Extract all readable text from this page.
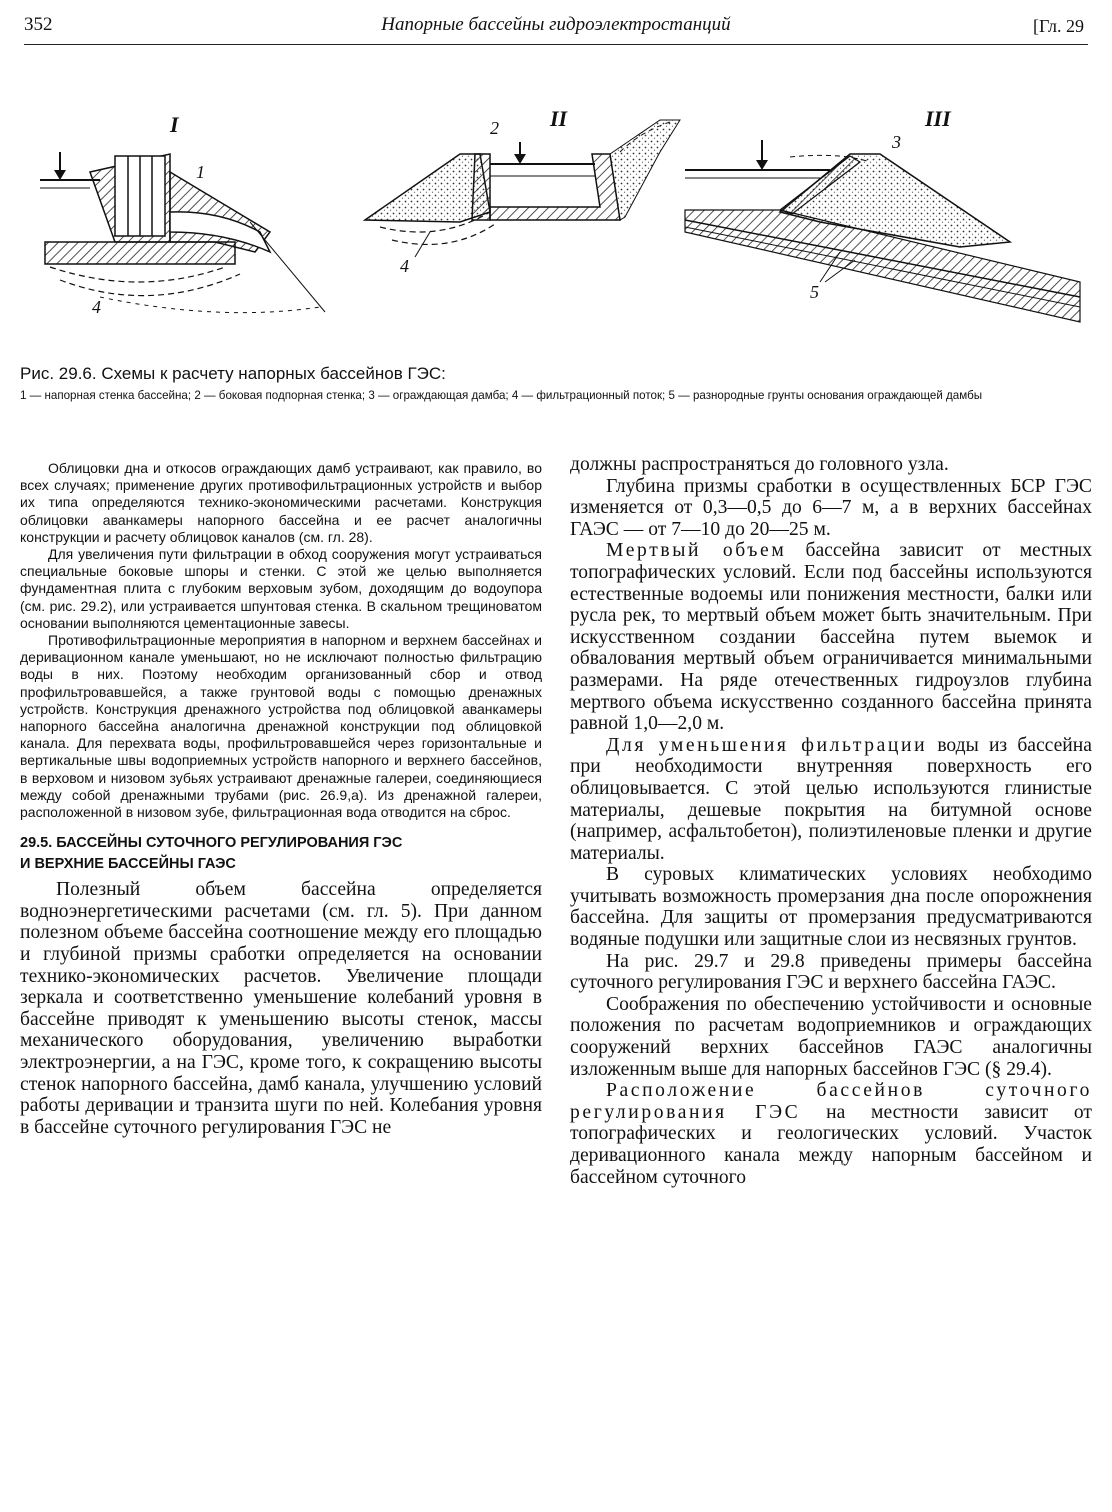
352	Напорные бассейны гидроэлектростанций	[Гл. 29
I	II	III
1
2
3
4
4
5

Рис. 29.6. Схемы к расчету напорных бассейнов ГЭС:

1 — напорная стенка бассейна; 2 — боковая подпорная стенка; 3 — ограждающая дамба; 4 — фильтрационный поток; 5 — разнородные грунты основания ограждающей дамбы

Облицовки дна и откосов ограждающих дамб устраивают, как правило, во всех случаях; применение других противофильтрационных устройств и выбор их типа определяются технико-экономическими расчетами. Конструкция облицовки аванкамеры напорного бассейна и ее расчет аналогичны конструкции и расчету облицовок каналов (см. гл. 28).

Для увеличения пути фильтрации в обход сооружения могут устраиваться специальные боковые шпоры и стенки. С этой же целью выполняется фундаментная плита с глубоким верховым зубом, доходящим до водоупора (см. рис. 29.2), или устраивается шпунтовая стенка. В скальном трещиноватом основании выполняются цементационные завесы.

Противофильтрационные мероприятия в напорном и верхнем бассейнах и деривационном канале уменьшают, но не исключают полностью фильтрацию воды в них. Поэтому необходим организованный сбор и отвод профильтровавшейся, а также грунтовой воды с помощью дренажных устройств. Конструкция дренажного устройства под облицовкой аванкамеры напорного бассейна аналогична дренажной конструкции под облицовкой канала. Для перехвата воды, профильтровавшейся через горизонтальные и вертикальные швы водоприемных устройств напорного и верхнего бассейнов, в верховом и низовом зубьях устраивают дренажные галереи, соединяющиеся между собой дренажными трубами (рис. 26.9,а). Из дренажной галереи, расположенной в низовом зубе, фильтрационная вода отводится на сброс.

29.5. БАССЕЙНЫ СУТОЧНОГО РЕГУЛИРОВАНИЯ ГЭС
И ВЕРХНИЕ БАССЕЙНЫ ГАЭС

Полезный объем бассейна определяется водноэнергетическими расчетами (см. гл. 5). При данном полезном объеме бассейна соотношение между его площадью и глубиной призмы сработки определяется на основании технико-экономических расчетов. Увеличение площади зеркала и соответственно уменьшение колебаний уровня в бассейне приводят к уменьшению высоты стенок, массы механического оборудования, увеличению выработки электроэнергии, а на ГЭС, кроме того, к сокращению высоты стенок напорного бассейна, дамб канала, улучшению условий работы деривации и транзита шуги по ней. Колебания уровня в бассейне суточного регулирования ГЭС не

должны распространяться до головного узла.

Глубина призмы сработки в осуществленных БСР ГЭС изменяется от 0,3—0,5 до 6—7 м, а в верхних бассейнах ГАЭС — от 7—10 до 20—25 м.

Мертвый объем бассейна зависит от местных топографических условий. Если под бассейны используются естественные водоемы или понижения местности, балки или русла рек, то мертвый объем может быть значительным. При искусственном создании бассейна путем выемок и обвалования мертвый объем ограничивается минимальными размерами. На ряде отечественных гидроузлов глубина мертвого объема искусственно созданного бассейна принята равной 1,0—2,0 м.

Для уменьшения фильтрации воды из бассейна при необходимости внутренняя поверхность его облицовывается. С этой целью используются глинистые материалы, дешевые покрытия на битумной основе (например, асфальтобетон), полиэтиленовые пленки и другие материалы.

В суровых климатических условиях необходимо учитывать возможность промерзания дна после опорожнения бассейна. Для защиты от промерзания предусматриваются водяные подушки или защитные слои из несвязных грунтов.

На рис. 29.7 и 29.8 приведены примеры бассейна суточного регулирования ГЭС и верхнего бассейна ГАЭС.

Соображения по обеспечению устойчивости и основные положения по расчетам водоприемников и ограждающих сооружений верхних бассейнов ГАЭС аналогичны изложенным выше для напорных бассейнов ГЭС (§ 29.4).

Расположение бассейнов суточного регулирования ГЭС на местности зависит от топографических и геологических условий. Участок деривационного канала между напорным бассейном и бассейном суточного
